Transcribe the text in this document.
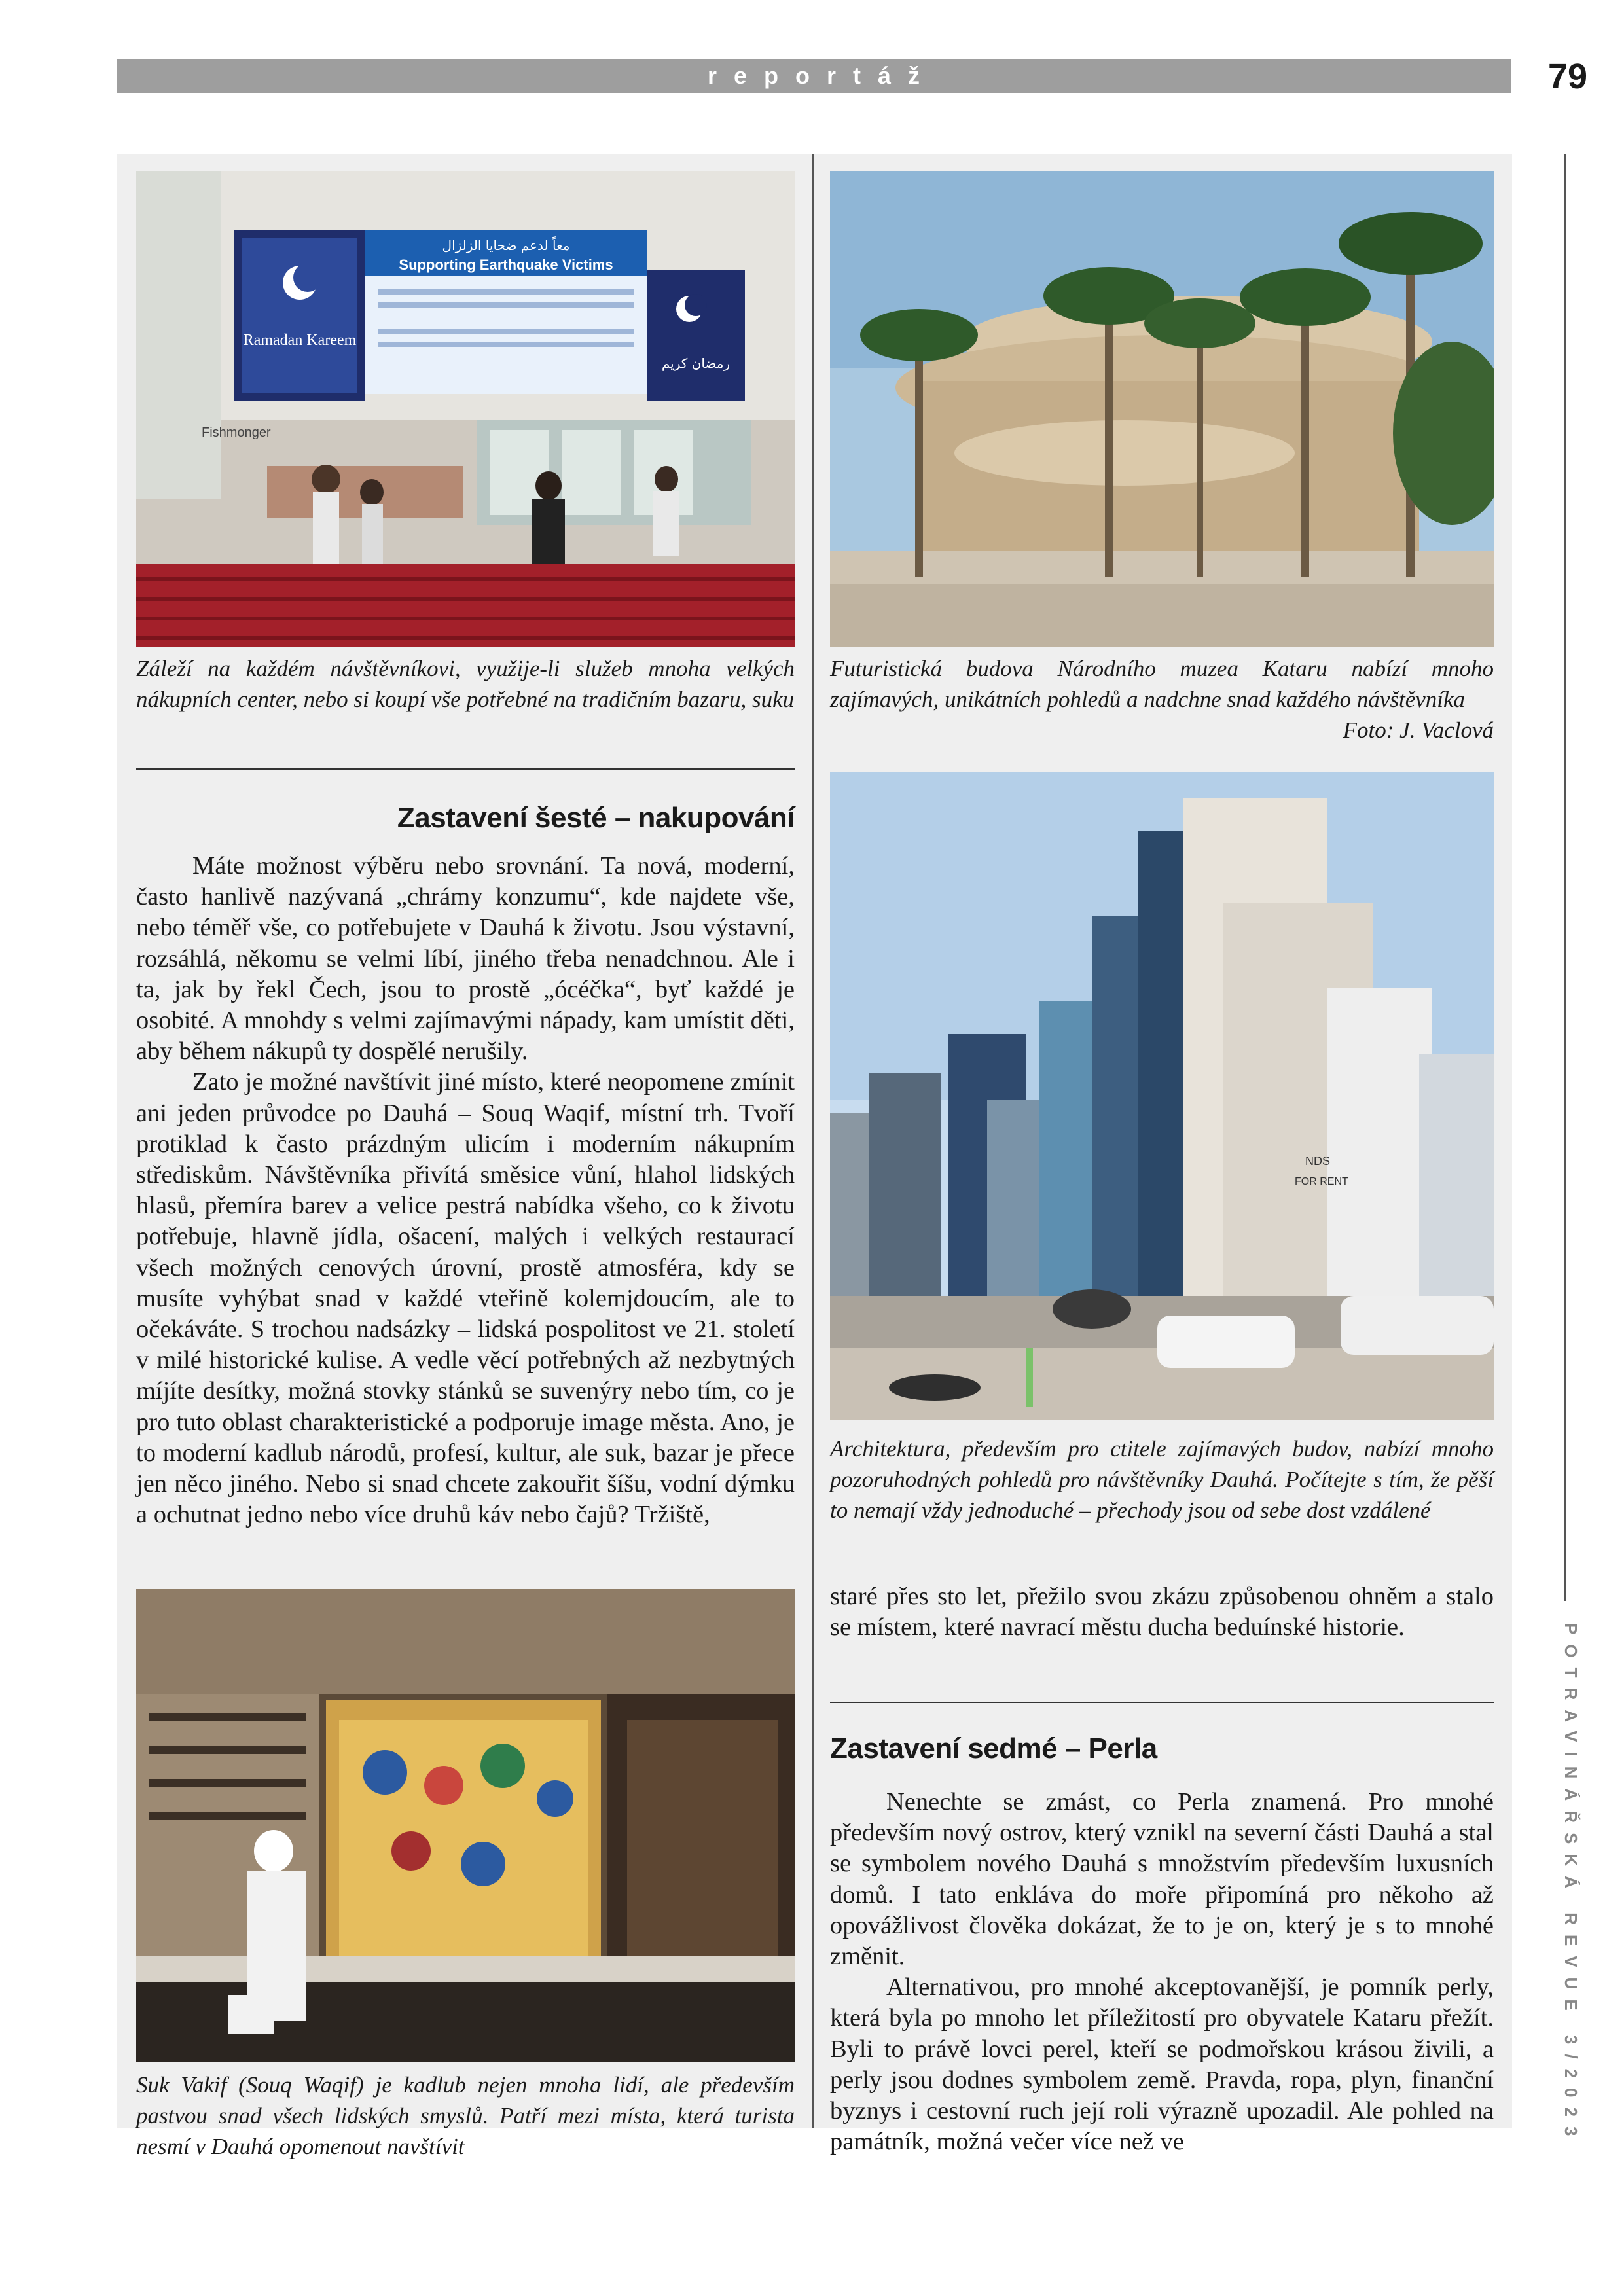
reportáž	79
Ramadan Kareem
معاً لدعم ضحايا الزلزال
Supporting Earthquake Victims
رمضان كريم
Fishmonger
Záleží na každém návštěvníkovi, využije-li služeb mnoha velkých nákupních center, nebo si koupí vše potřebné na tradičním bazaru, suku
Futuristická budova Národního muzea Kataru nabízí mnoho zajímavých, unikátních pohledů a nadchne snad každého návštěvníka
Foto: J. Vaclová
Zastavení šesté – nakupování

Máte možnost výběru nebo srovnání. Ta nová, moderní, často hanlivě nazývaná „chrámy konzumu“, kde najdete vše, nebo téměř vše, co potřebujete v Dauhá k životu. Jsou výstavní, rozsáhlá, někomu se velmi líbí, jiného třeba nenadchnou. Ale i ta, jak by řekl Čech, jsou to prostě „ócéčka“, byť každé je osobité. A mnohdy s velmi zajímavými nápady, kam umístit děti, aby během nákupů ty dospělé nerušily.

Zato je možné navštívit jiné místo, které neopomene zmínit ani jeden průvodce po Dauhá – Souq Waqif, místní trh. Tvoří protiklad k často prázdným ulicím i moderním nákupním střediskům. Návštěvníka přivítá směsice vůní, hlahol lidských hlasů, přemíra barev a velice pestrá nabídka všeho, co k životu potřebuje, hlavně jídla, ošacení, malých i velkých restaurací všech možných cenových úrovní, prostě atmosféra, kdy se musíte vyhýbat snad v každé vteřině kolemjdoucím, ale to očekáváte. S trochou nadsázky – lidská pospolitost ve 21. století v milé historické kulise. A vedle věcí potřebných až nezbytných míjíte desítky, možná stovky stánků se suvenýry nebo tím, co je pro tuto oblast charakteristické a podporuje image města. Ano, je to moderní kadlub národů, profesí, kultur, ale suk, bazar je přece jen něco jiného. Nebo si snad chcete zakouřit šíšu, vodní dýmku a ochutnat jedno nebo více druhů káv nebo čajů? Tržiště,

NDS
FOR RENT
Architektura, především pro ctitele zajímavých budov, nabízí mnoho pozoruhodných pohledů pro návštěvníky Dauhá. Počítejte s tím, že pěší to nemají vždy jednoduché – přechody jsou od sebe dost vzdálené
Suk Vakif (Souq Waqif) je kadlub nejen mnoha lidí, ale především pastvou snad všech lidských smyslů. Patří mezi místa, která turista nesmí v Dauhá opomenout navštívit

staré přes sto let, přežilo svou zkázu způsobenou ohněm a stalo se místem, které navrací městu ducha beduínské historie.

Zastavení sedmé – Perla

Nenechte se zmást, co Perla znamená. Pro mnohé především nový ostrov, který vznikl na severní části Dauhá a stal se symbolem nového Dauhá s množstvím především luxusních domů. I tato enkláva do moře připomíná pro někoho až opovážlivost člověka dokázat, že to je on, který je s to mnohé změnit.

Alternativou, pro mnohé akceptovanější, je pomník perly, která byla po mnoho let příležitostí pro obyvatele Kataru přežít. Byli to právě lovci perel, kteří se podmořskou krásou živili, a perly jsou dodnes symbolem země. Pravda, ropa, plyn, finanční byznys i cestovní ruch její roli výrazně upozadil. Ale pohled na památník, možná večer více než ve	POTRAVINÁŘSKÁ REVUE 3/2023
